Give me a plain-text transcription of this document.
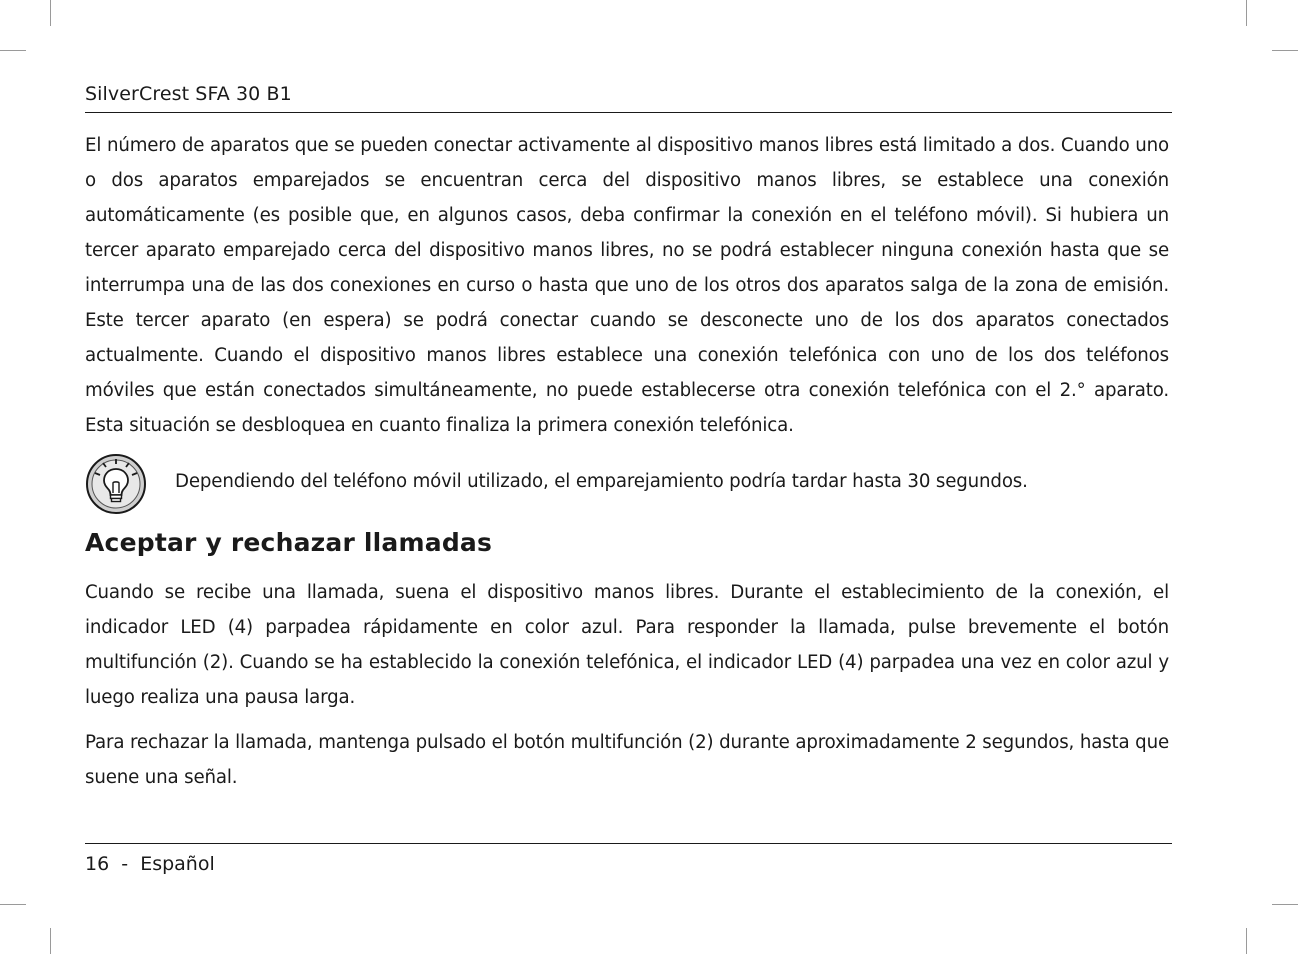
SilverCrest SFA 30 B1

El número de aparatos que se pueden conectar activamente al dispositivo manos libres está limitado a dos. Cuando uno o dos aparatos emparejados se encuentran cerca del dispositivo manos libres, se establece una conexión automáticamente (es posible que, en algunos casos, deba confirmar la conexión en el teléfono móvil). Si hubiera un tercer aparato emparejado cerca del dispositivo manos libres, no se podrá establecer ninguna conexión hasta que se interrumpa una de las dos conexiones en curso o hasta que uno de los otros dos aparatos salga de la zona de emisión. Este tercer aparato (en espera) se podrá conectar cuando se desconecte uno de los dos aparatos conectados actualmente. Cuando el dispositivo manos libres establece una conexión telefónica con uno de los dos teléfonos móviles que están conectados simultáneamente, no puede establecerse otra conexión telefónica con el 2.° aparato. Esta situación se desbloquea en cuanto finaliza la primera conexión telefónica.

Dependiendo del teléfono móvil utilizado, el emparejamiento podría tardar hasta 30 segundos.
Aceptar y rechazar llamadas

Cuando se recibe una llamada, suena el dispositivo manos libres. Durante el establecimiento de la conexión, el indicador LED (4) parpadea rápidamente en color azul. Para responder la llamada, pulse brevemente el botón multifunción (2). Cuando se ha establecido la conexión telefónica, el indicador LED (4) parpadea una vez en color azul y luego realiza una pausa larga.

Para rechazar la llamada, mantenga pulsado el botón multifunción (2) durante aproximadamente 2 segundos, hasta que suene una señal.

16  -  Español
